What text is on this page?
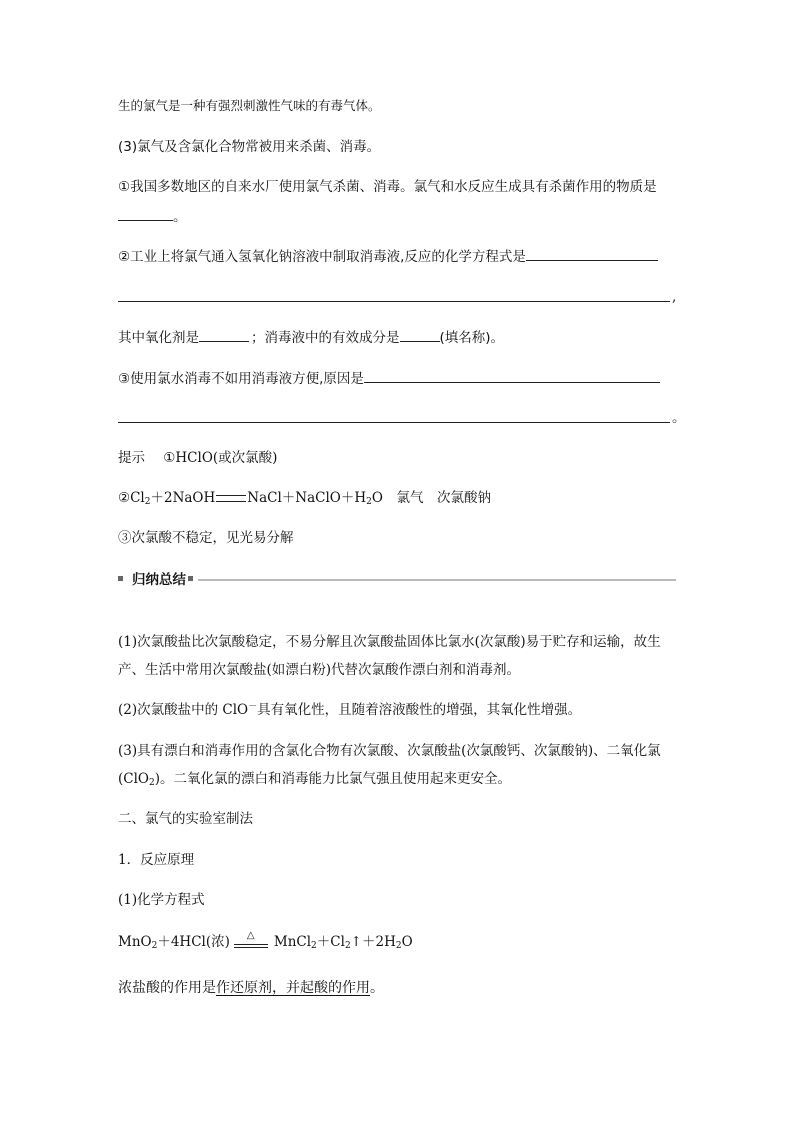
生的氯气是一种有强烈刺激性气味的有毒气体。
(3)氯气及含氯化合物常被用来杀菌、消毒。
①我国多数地区的自来水厂使用氯气杀菌、消毒。氯气和水反应生成具有杀菌作用的物质是
。
②工业上将氯气通入氢氧化钠溶液中制取消毒液,反应的化学方程式是
,
其中氧化剂是	；消毒液中的有效成分是	(填名称)。
③使用氯水消毒不如用消毒液方便,原因是
。
提示 ①HClO(或次氯酸)
$②Cl_2+2NaOH$ $NaCl+NaClO+H_2O$　氯气　次氯酸钠
③次氯酸不稳定，见光易分解
归纳总结
(1)次氯酸盐比次氯酸稳定，不易分解且次氯酸盐固体比氯水(次氯酸)易于贮存和运输，故生
产、生活中常用次氯酸盐(如漂白粉)代替次氯酸作漂白剂和消毒剂。
(2)次氯酸盐中的 ClO－具有氧化性，且随着溶液酸性的增强，其氧化性增强。
(3)具有漂白和消毒作用的含氯化合物有次氯酸、次氯酸盐(次氯酸钙、次氯酸钠)、二氧化氯
(ClO$_2$)。二氧化氯的漂白和消毒能力比氯气强且使用起来更安全。
二、氯气的实验室制法
1．反应原理
(1)化学方程式
MnO$_2$＋4HCl(浓) △ $MnCl_2+Cl_2↑+2H_2O$
浓盐酸的作用是作还原剂，并起酸的作用。
